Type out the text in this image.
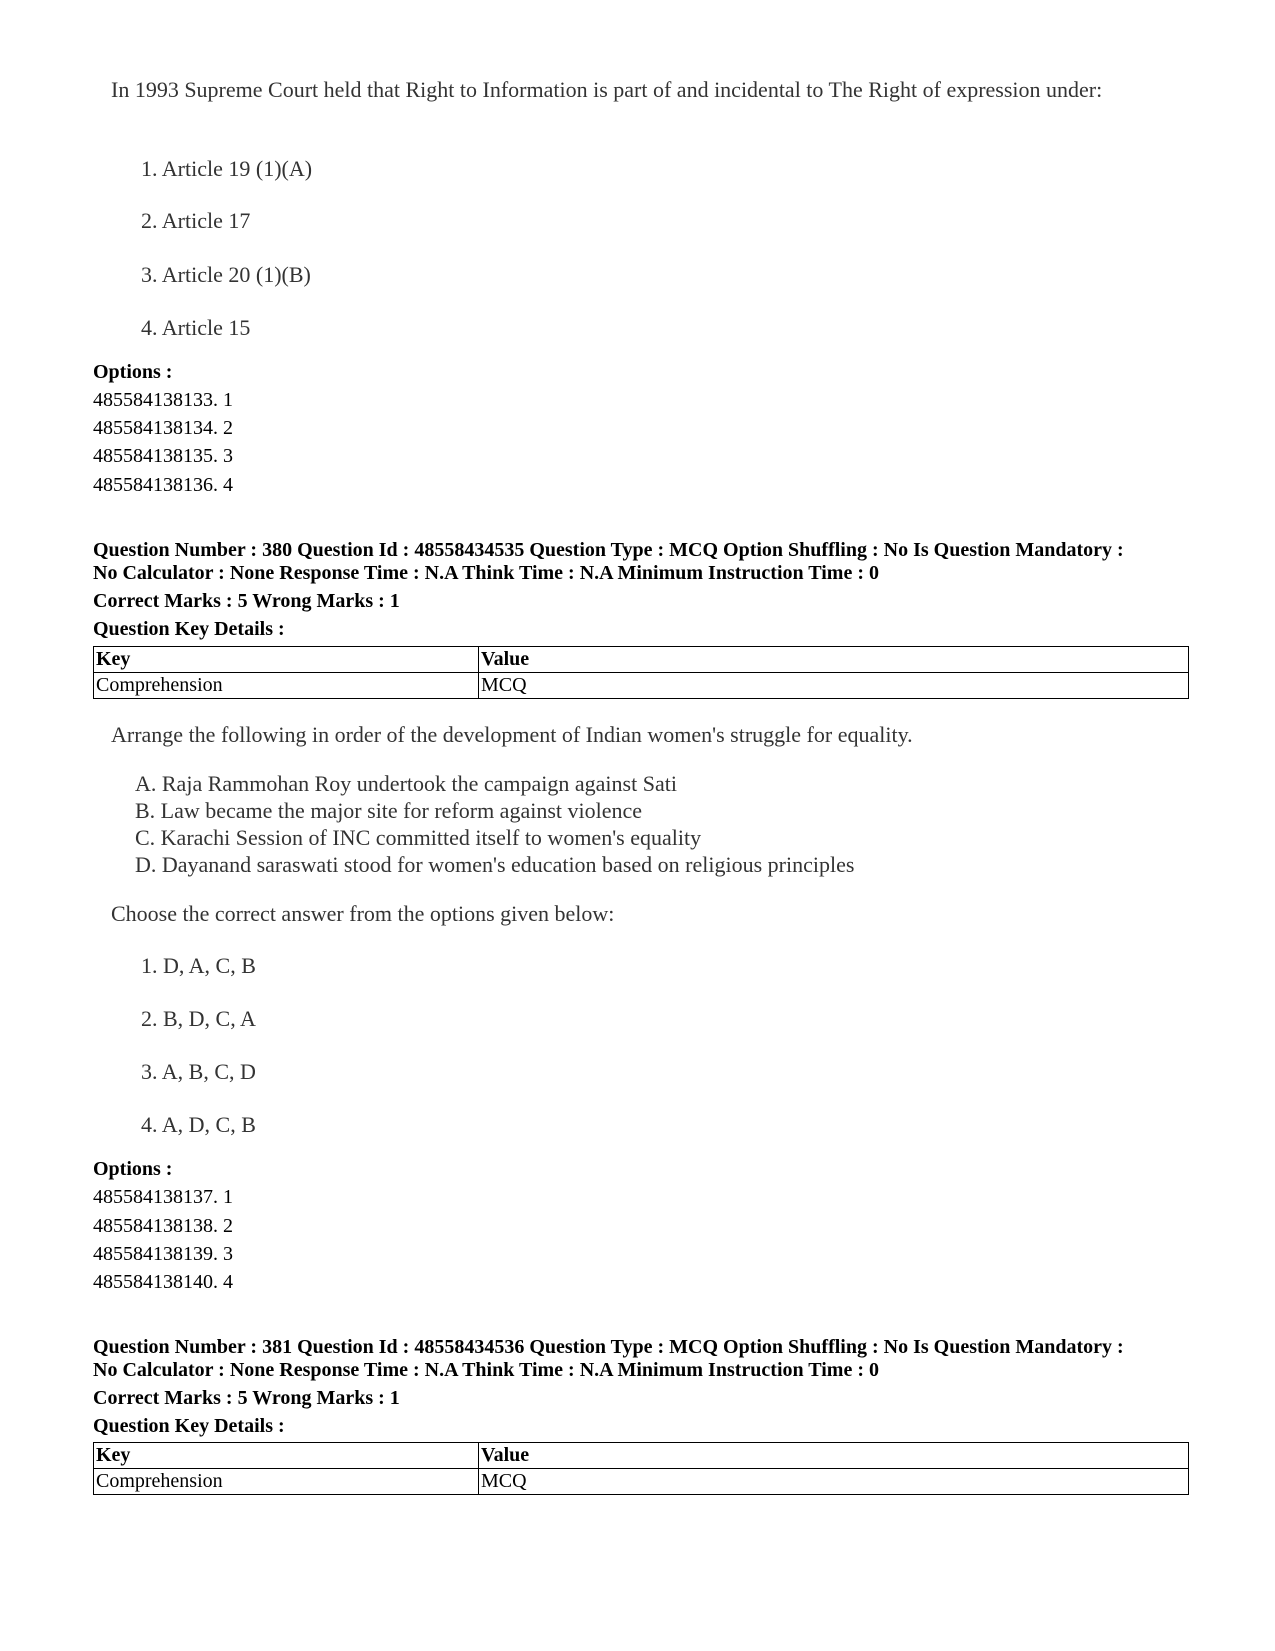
In 1993 Supreme Court held that Right to Information is part of and incidental to The Right of expression under:
1. Article 19 (1)(A)
2. Article 17
3. Article 20 (1)(B)
4. Article 15
Options :
485584138133. 1
485584138134. 2
485584138135. 3
485584138136. 4
Question Number : 380 Question Id : 48558434535 Question Type : MCQ Option Shuffling : No Is Question Mandatory :
No Calculator : None Response Time : N.A Think Time : N.A Minimum Instruction Time : 0
Correct Marks : 5 Wrong Marks : 1
Question Key Details :
Key	Value
Comprehension	MCQ
Arrange the following in order of the development of Indian women's struggle for equality.
A. Raja Rammohan Roy undertook the campaign against Sati
B. Law became the major site for reform against violence
C. Karachi Session of INC committed itself to women's equality
D. Dayanand saraswati stood for women's education based on religious principles
Choose the correct answer from the options given below:
1. D, A, C, B
2. B, D, C, A
3. A, B, C, D
4. A, D, C, B
Options :
485584138137. 1
485584138138. 2
485584138139. 3
485584138140. 4
Question Number : 381 Question Id : 48558434536 Question Type : MCQ Option Shuffling : No Is Question Mandatory :
No Calculator : None Response Time : N.A Think Time : N.A Minimum Instruction Time : 0
Correct Marks : 5 Wrong Marks : 1
Question Key Details :
Key	Value
Comprehension	MCQ
